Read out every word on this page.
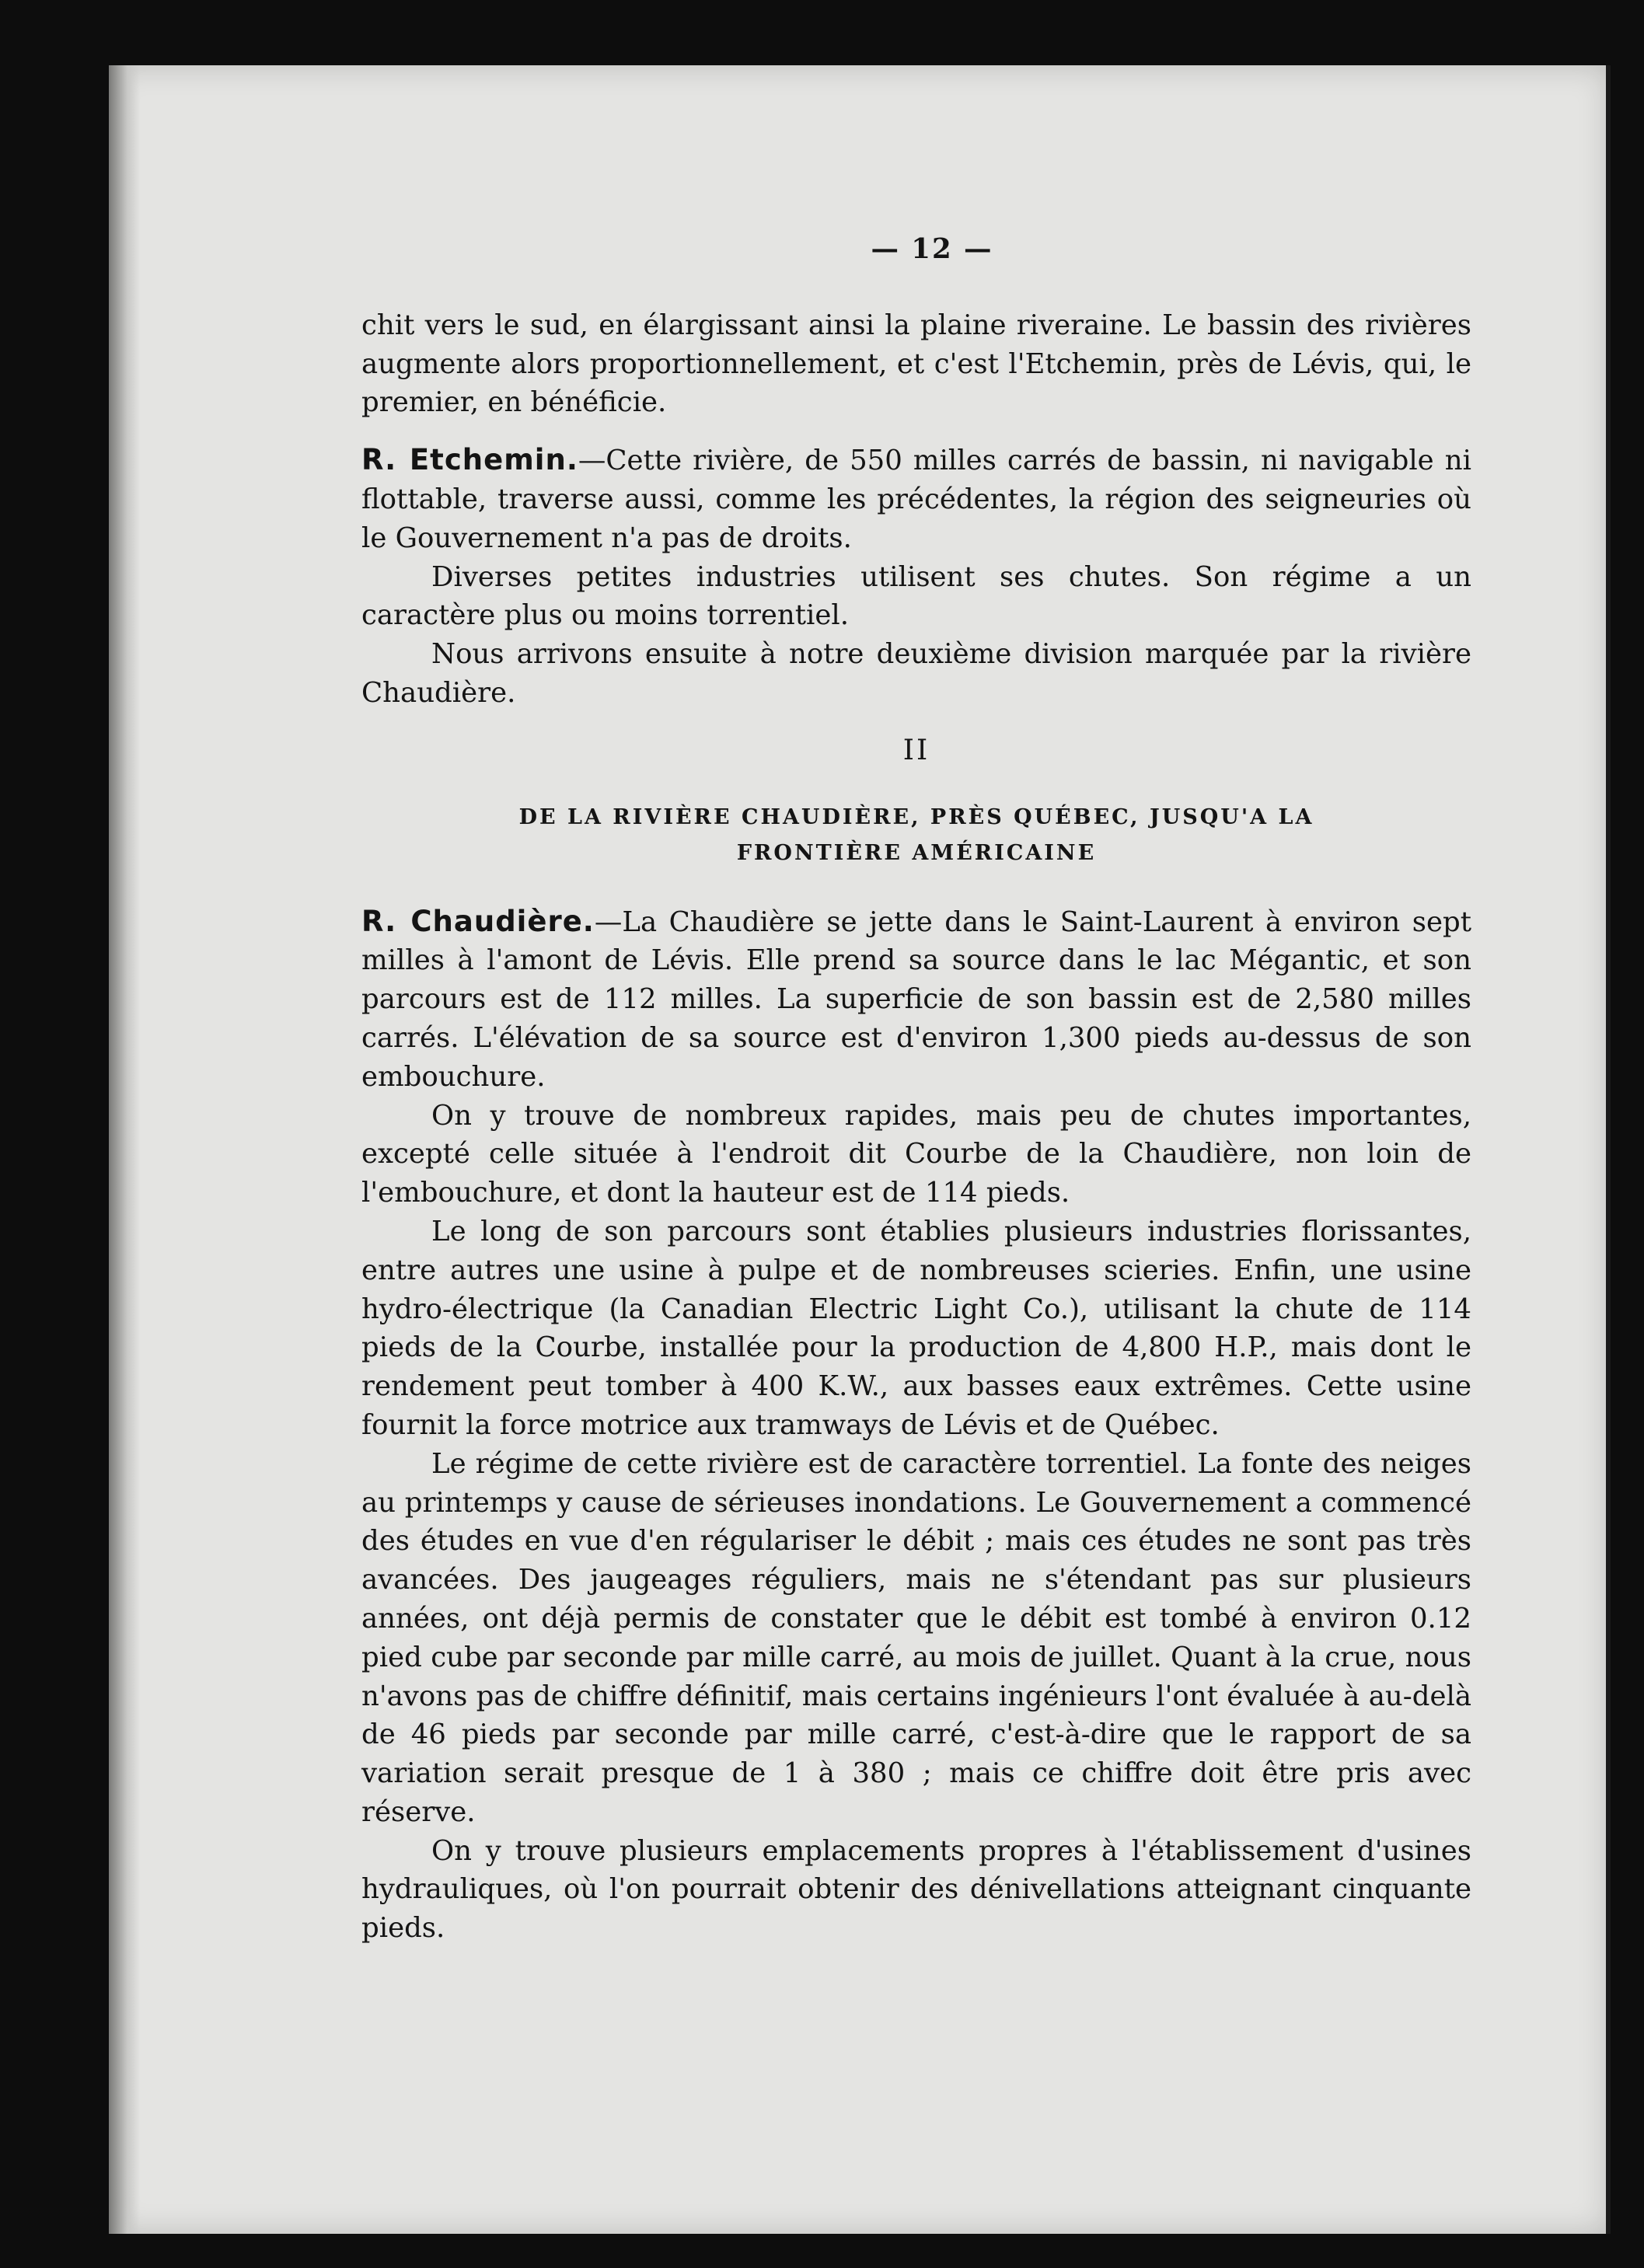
— 12 —

chit vers le sud, en élargissant ainsi la plaine riveraine. Le bassin des rivières augmente alors proportionnellement, et c'est l'Etchemin, près de Lévis, qui, le premier, en bénéficie.

R. Etchemin.—Cette rivière, de 550 milles carrés de bassin, ni navigable ni flottable, traverse aussi, comme les précédentes, la région des seigneuries où le Gouvernement n'a pas de droits.

Diverses petites industries utilisent ses chutes. Son régime a un caractère plus ou moins torrentiel.

Nous arrivons ensuite à notre deuxième division marquée par la rivière Chaudière.

II
DE LA RIVIÈRE CHAUDIÈRE, PRÈS QUÉBEC, JUSQU'A LA
FRONTIÈRE AMÉRICAINE

R. Chaudière.—La Chaudière se jette dans le Saint-Laurent à environ sept milles à l'amont de Lévis. Elle prend sa source dans le lac Mégantic, et son parcours est de 112 milles. La superficie de son bassin est de 2,580 milles carrés. L'élévation de sa source est d'environ 1,300 pieds au-dessus de son embouchure.

On y trouve de nombreux rapides, mais peu de chutes importantes, excepté celle située à l'endroit dit Courbe de la Chaudière, non loin de l'embouchure, et dont la hauteur est de 114 pieds.

Le long de son parcours sont établies plusieurs industries florissantes, entre autres une usine à pulpe et de nombreuses scieries. Enfin, une usine hydro-électrique (la Canadian Electric Light Co.), utilisant la chute de 114 pieds de la Courbe, installée pour la production de 4,800 H.P., mais dont le rendement peut tomber à 400 K.W., aux basses eaux extrêmes. Cette usine fournit la force motrice aux tramways de Lévis et de Québec.

Le régime de cette rivière est de caractère torrentiel. La fonte des neiges au printemps y cause de sérieuses inondations. Le Gouvernement a commencé des études en vue d'en régulariser le débit ; mais ces études ne sont pas très avancées. Des jaugeages réguliers, mais ne s'étendant pas sur plusieurs années, ont déjà permis de constater que le débit est tombé à environ 0.12 pied cube par seconde par mille carré, au mois de juillet. Quant à la crue, nous n'avons pas de chiffre définitif, mais certains ingénieurs l'ont évaluée à au-delà de 46 pieds par seconde par mille carré, c'est-à-dire que le rapport de sa variation serait presque de 1 à 380 ; mais ce chiffre doit être pris avec réserve.

On y trouve plusieurs emplacements propres à l'établissement d'usines hydrauliques, où l'on pourrait obtenir des dénivellations atteignant cinquante pieds.
